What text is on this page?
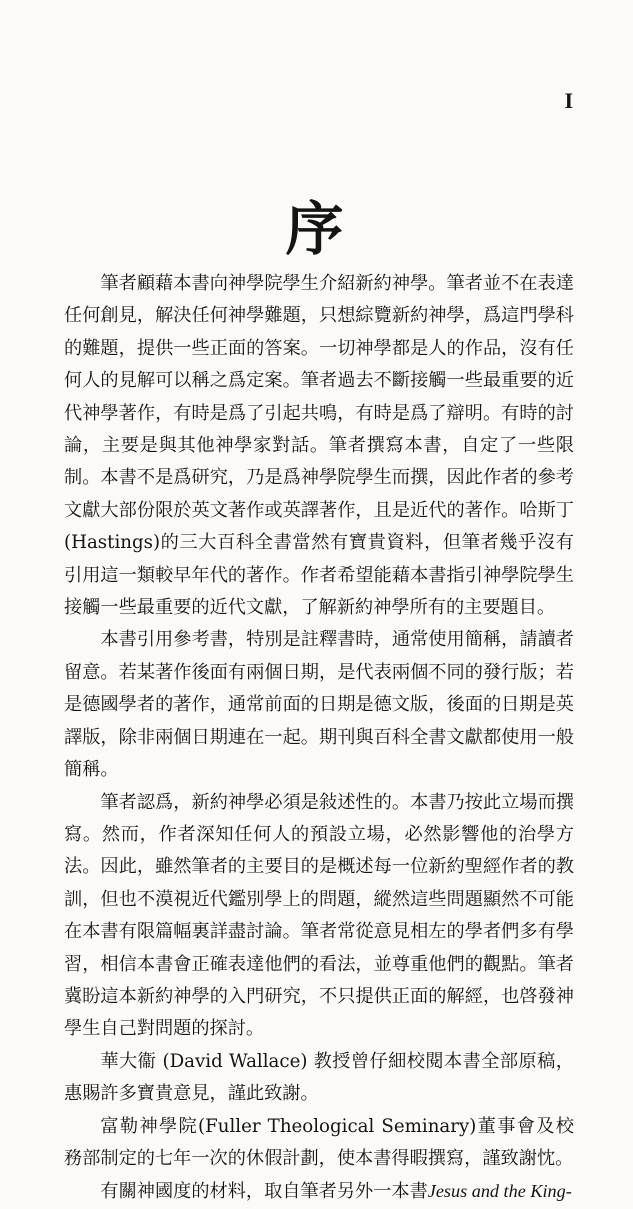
I
序

筆者顧藉本書向神學院學生介紹新約神學。筆者並不在表達任何創見，解決任何神學難題，只想綜覽新約神學，爲這門學科的難題，提供一些正面的答案。一切神學都是人的作品，沒有任何人的見解可以稱之爲定案。筆者過去不斷接觸一些最重要的近代神學著作，有時是爲了引起共鳴，有時是爲了辯明。有時的討論，主要是與其他神學家對話。筆者撰寫本書，自定了一些限制。本書不是爲研究，乃是爲神學院學生而撰，因此作者的參考文獻大部份限於英文著作或英譯著作，且是近代的著作。哈斯丁 (Hastings)的三大百科全書當然有寶貴資料，但筆者幾乎沒有引用這一類較早年代的著作。作者希望能藉本書指引神學院學生接觸一些最重要的近代文獻，了解新約神學所有的主要題目。

本書引用參考書，特別是註釋書時，通常使用簡稱，請讀者留意。若某著作後面有兩個日期，是代表兩個不同的發行版；若是德國學者的著作，通常前面的日期是德文版，後面的日期是英譯版，除非兩個日期連在一起。期刊與百科全書文獻都使用一般簡稱。

筆者認爲，新約神學必須是敍述性的。本書乃按此立場而撰寫。然而，作者深知任何人的預設立場，必然影響他的治學方法。因此，雖然筆者的主要目的是概述每一位新約聖經作者的教訓，但也不漠視近代鑑別學上的問題，縱然這些問題顯然不可能在本書有限篇幅裏詳盡討論。筆者常從意見相左的學者們多有學習，相信本書會正確表達他們的看法，並尊重他們的觀點。筆者冀盼這本新約神學的入門研究，不只提供正面的解經，也啓發神學生自己對問題的探討。

華大衞 (David Wallace) 教授曾仔細校閱本書全部原稿，惠賜許多寶貴意見，謹此致謝。

富勒神學院(Fuller Theological Seminary)董事會及校務部制定的七年一次的休假計劃，使本書得暇撰寫，謹致謝忱。

有關神國度的材料，取自筆者另外一本書Jesus and the King-
